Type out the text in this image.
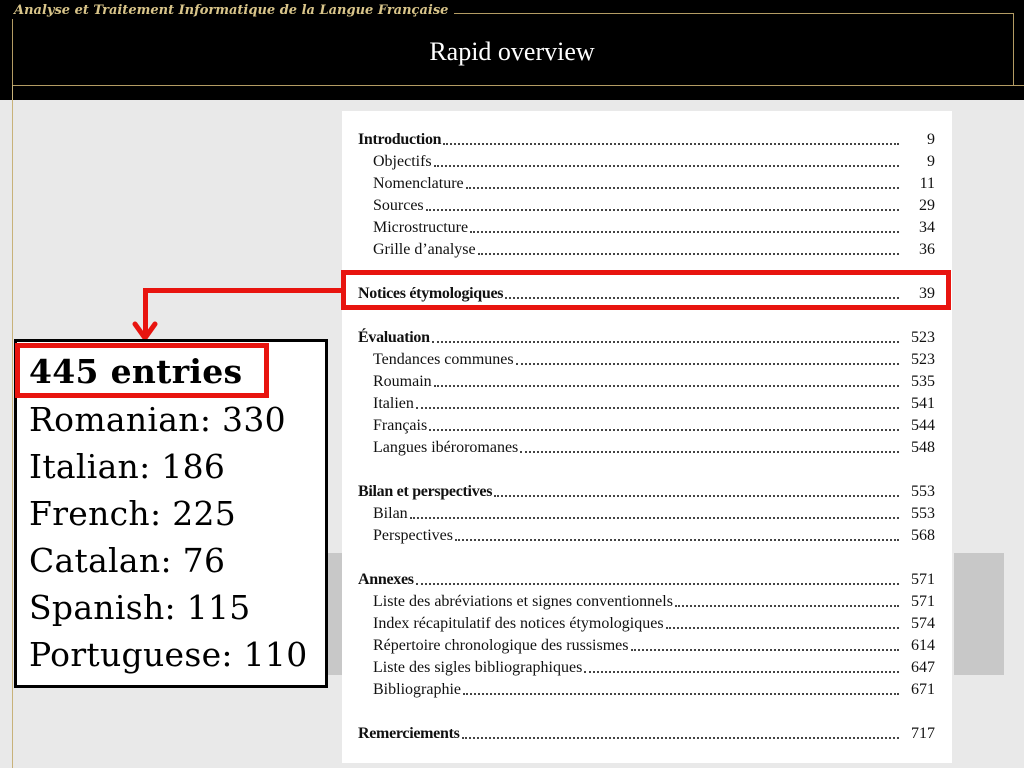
Analyse et Traitement Informatique de la Langue Française
Rapid overview
Introduction	9
Objectifs	9
Nomenclature	11
Sources	29
Microstructure	34
Grille d’analyse	36
Notices étymologiques	39
Évaluation	523
Tendances communes	523
Roumain	535
Italien	541
Français	544
Langues ibéroromanes	548
Bilan et perspectives	553
Bilan	553
Perspectives	568
Annexes	571
Liste des abréviations et signes conventionnels	571
Index récapitulatif des notices étymologiques	574
Répertoire chronologique des russismes	614
Liste des sigles bibliographiques	647
Bibliographie	671
Remerciements	717
445 entries
Romanian: 330
Italian: 186
French: 225
Catalan: 76
Spanish: 115
Portuguese: 110
